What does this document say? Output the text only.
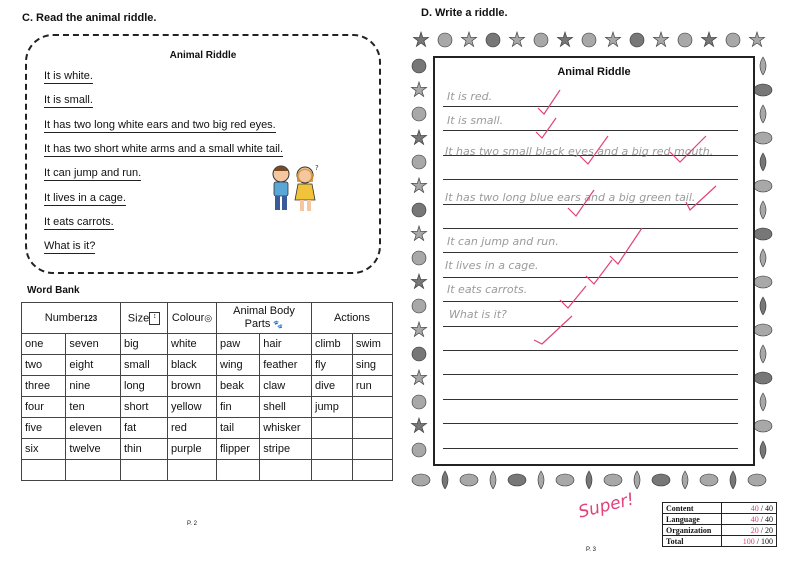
C. Read the animal riddle.
Animal Riddle
It is white.
It is small.
It has two long white ears and two big red eyes.
It has two short white arms and a small white tail.
It can jump and run.
It lives in a cage.
It eats carrots.
What is it?
?
Word Bank
Number123		Size ↕	Colour◎	Animal Body Parts 🐾		Actions	
one	seven	big	white	paw	hair	climb	swim
two	eight	small	black	wing	feather	fly	sing
three	nine	long	brown	beak	claw	dive	run
four	ten	short	yellow	fin	shell	jump	
five	eleven	fat	red	tail	whisker		
six	twelve	thin	purple	flipper	stripe		

P. 2
D. Write a riddle.
Animal Riddle
It is red.
It is small.
It has two small black eyes and a big red mouth.
It has two long blue ears and a big green tail.
It can jump and run.
It lives in a cage.
It eats carrots.
What is it?
Super!	Content	40 / 40
Language	40 / 40
Organization	20 / 20
Total	100 / 100
P. 3
